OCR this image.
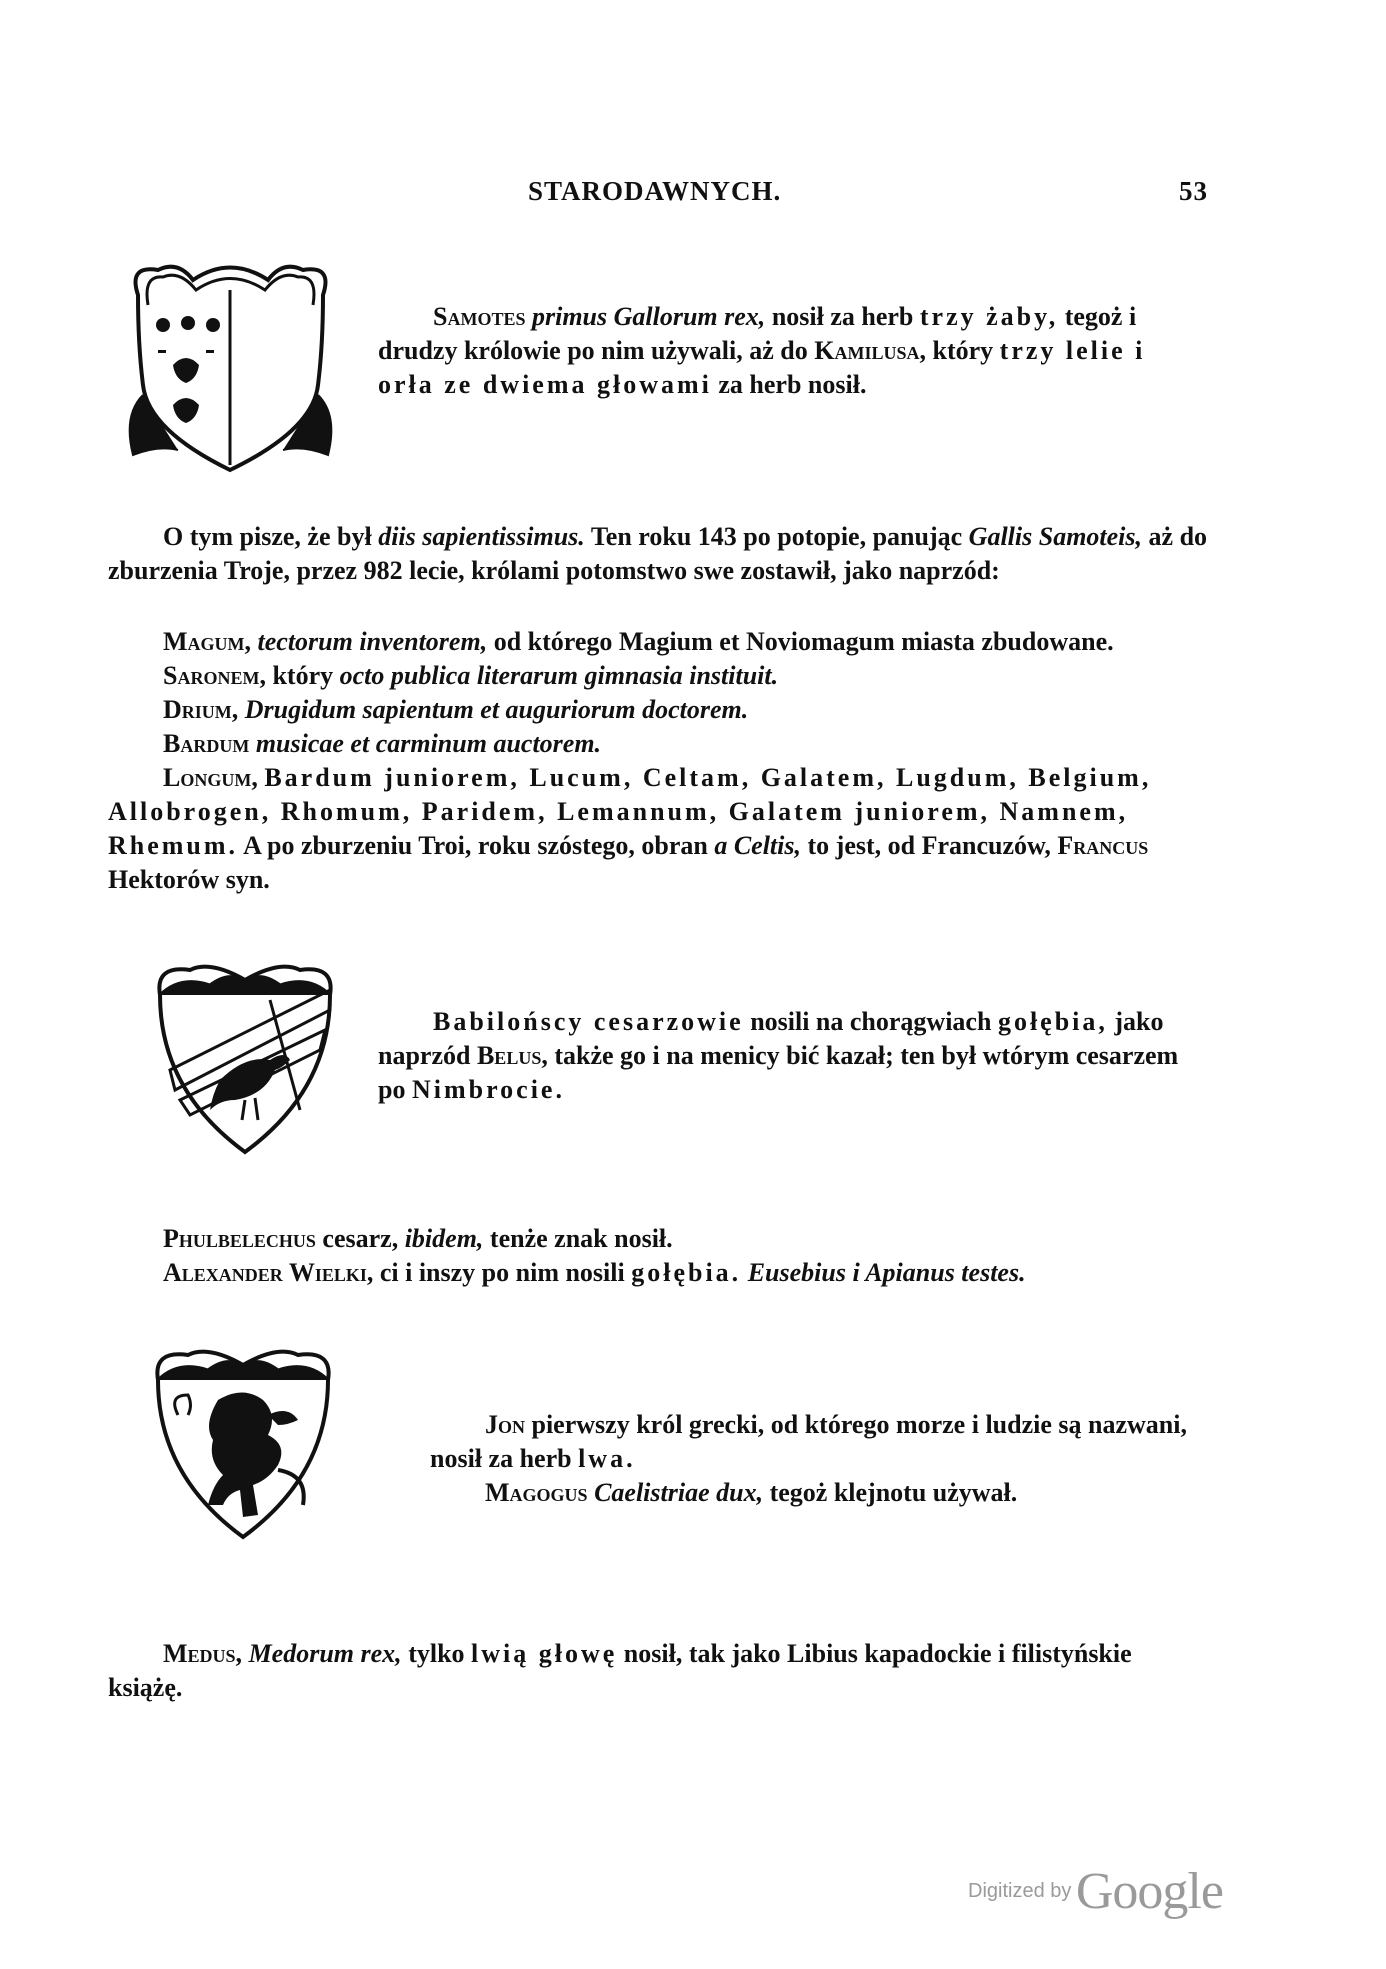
STARODAWNYCH.	53

Samotes primus Gallorum rex, nosił za herb trzy żaby, tegoż i drudzy królowie po nim używali, aż do Kamilusa, który trzy lelie i orła ze dwiema głowami za herb nosił.

O tym pisze, że był diis sapientissimus. Ten roku 143 po potopie, panując Gallis Samoteis, aż do zburzenia Troje, przez 982 lecie, królami potomstwo swe zostawił, jako naprzód:

Magum, tectorum inventorem, od którego Magium et Noviomagum miasta zbudowane.

Saronem, który octo publica literarum gimnasia instituit.

Drium, Drugidum sapientum et auguriorum doctorem.

Bardum musicae et carminum auctorem.

Longum, Bardum juniorem, Lucum, Celtam, Galatem, Lugdum, Belgium, Allobrogen, Rhomum, Paridem, Lemannum, Galatem juniorem, Namnem, Rhemum. A po zburzeniu Troi, roku szóstego, obran a Celtis, to jest, od Francuzów, Francus Hektorów syn.

Babilońscy cesarzowie nosili na chorągwiach gołębia, jako naprzód Belus, także go i na menicy bić kazał; ten był wtórym cesarzem po Nimbrocie.

Phulbelechus cesarz, ibidem, tenże znak nosił.

Alexander Wielki, ci i inszy po nim nosili gołębia. Eusebius i Apianus testes.

Jon pierwszy król grecki, od którego morze i ludzie są nazwani, nosił za herb lwa.

Magogus Caelistriae dux, tegoż klejnotu używał.

Medus, Medorum rex, tylko lwią głowę nosił, tak jako Libius kapadockie i filistyńskie książę.

Digitized by Google
